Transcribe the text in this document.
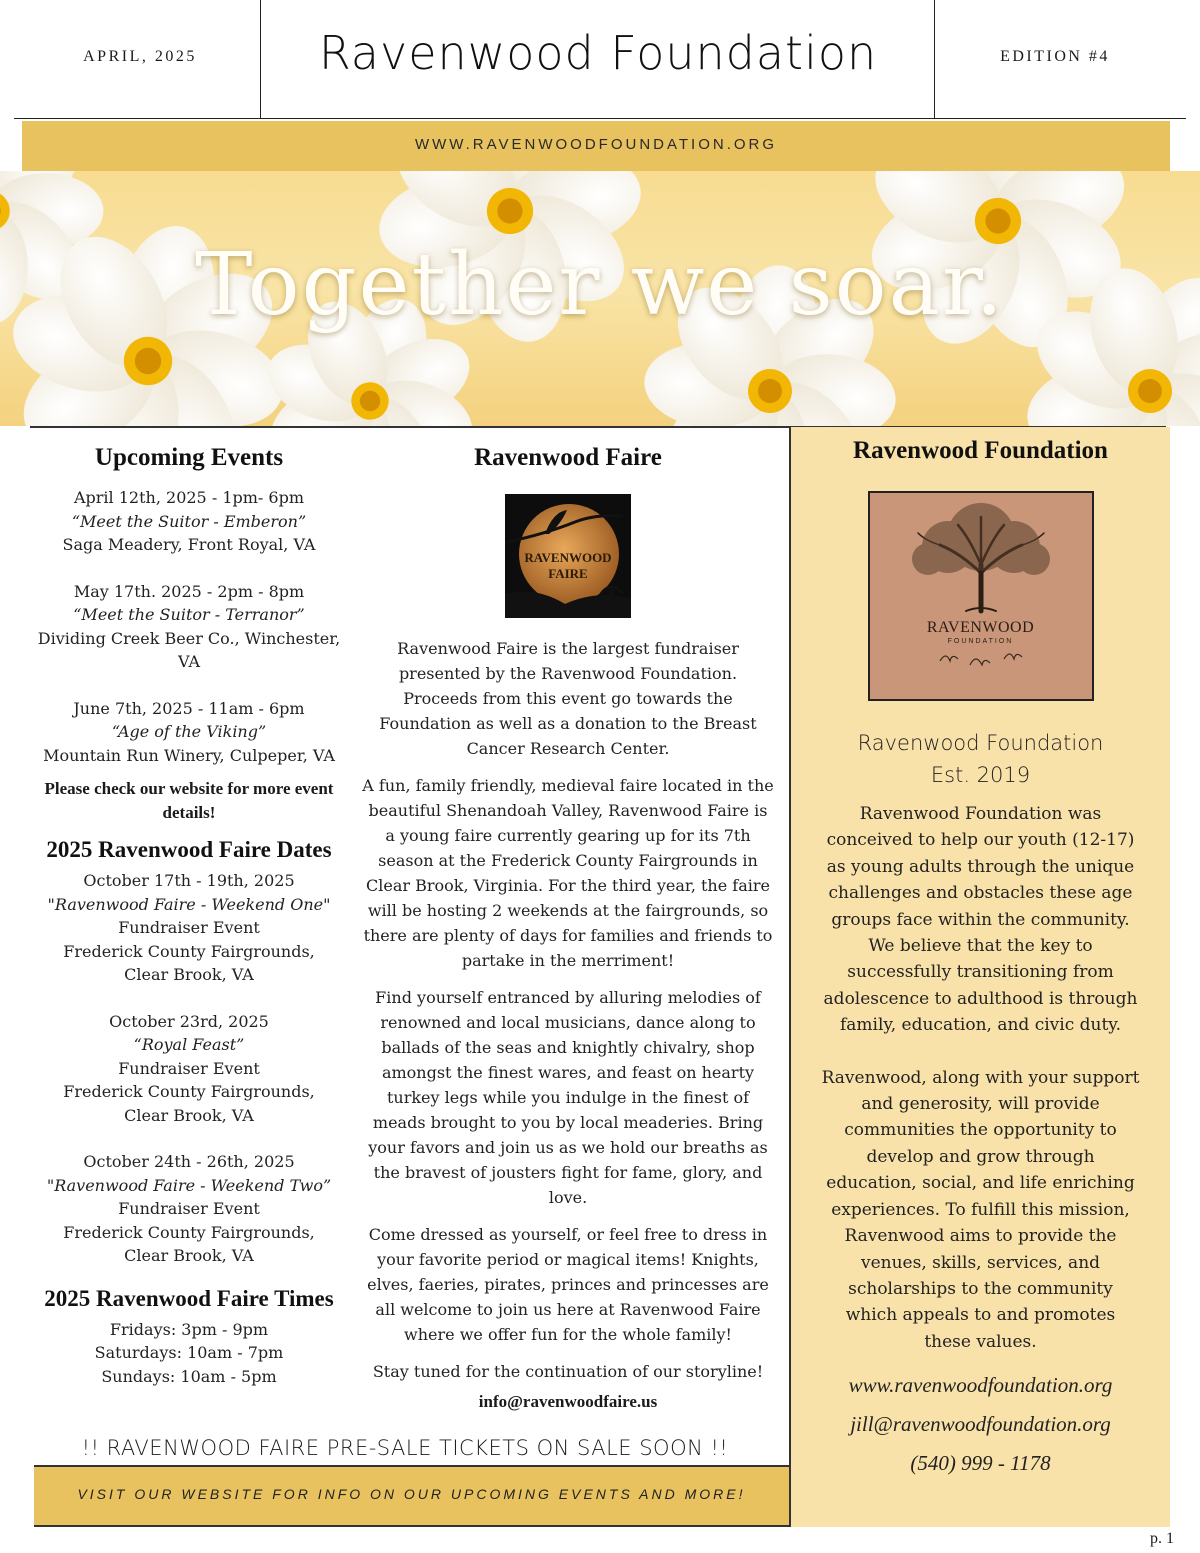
APRIL, 2025	Ravenwood Foundation	EDITION #4
WWW.RAVENWOODFOUNDATION.ORG
Together we soar.
Upcoming Events
April 12th, 2025 - 1pm- 6pm
“Meet the Suitor - Emberon”
Saga Meadery, Front Royal, VA
May 17th. 2025 - 2pm - 8pm
“Meet the Suitor - Terranor”
Dividing Creek Beer Co., Winchester, VA
June 7th, 2025 - 11am - 6pm
“Age of the Viking”
Mountain Run Winery, Culpeper, VA
Please check our website for more event details!
2025 Ravenwood Faire Dates
October 17th - 19th, 2025
"Ravenwood Faire - Weekend One"
Fundraiser Event
Frederick County Fairgrounds,
Clear Brook, VA
October 23rd, 2025
“Royal Feast”
Fundraiser Event
Frederick County Fairgrounds,
Clear Brook, VA
October 24th - 26th, 2025
"Ravenwood Faire - Weekend Two”
Fundraiser Event
Frederick County Fairgrounds,
Clear Brook, VA
2025 Ravenwood Faire Times
Fridays: 3pm - 9pm
Saturdays: 10am - 7pm
Sundays: 10am - 5pm
Ravenwood Faire
RAVENWOOD
FAIRE
Ravenwood Faire is the largest fundraiser presented by the Ravenwood Foundation. Proceeds from this event go towards the Foundation as well as a donation to the Breast Cancer Research Center.
A fun, family friendly, medieval faire located in the beautiful Shenandoah Valley, Ravenwood Faire is a young faire currently gearing up for its 7th season at the Frederick County Fairgrounds in Clear Brook, Virginia. For the third year, the faire will be hosting 2 weekends at the fairgrounds, so there are plenty of days for families and friends to partake in the merriment!
Find yourself entranced by alluring melodies of renowned and local musicians, dance along to ballads of the seas and knightly chivalry, shop amongst the finest wares, and feast on hearty turkey legs while you indulge in the finest of meads brought to you by local meaderies. Bring your favors and join us as we hold our breaths as the bravest of jousters fight for fame, glory, and love.
Come dressed as yourself, or feel free to dress in your favorite period or magical items! Knights, elves, faeries, pirates, princes and princesses are all welcome to join us here at Ravenwood Faire where we offer fun for the whole family!
Stay tuned for the continuation of our storyline!
info@ravenwoodfaire.us
Ravenwood Foundation
RAVENWOOD
FOUNDATION
Ravenwood Foundation
Est. 2019
Ravenwood Foundation was conceived to help our youth (12-17) as young adults through the unique challenges and obstacles these age groups face within the community. We believe that the key to successfully transitioning from adolescence to adulthood is through family, education, and civic duty.
Ravenwood, along with your support and generosity, will provide communities the opportunity to develop and grow through education, social, and life enriching experiences. To fulfill this mission, Ravenwood aims to provide the venues, skills, services, and scholarships to the community which appeals to and promotes these values.
www.ravenwoodfoundation.org
jill@ravenwoodfoundation.org
(540) 999 - 1178
!! RAVENWOOD FAIRE PRE-SALE TICKETS ON SALE SOON !!
VISIT OUR WEBSITE FOR INFO ON OUR UPCOMING EVENTS AND MORE!
p. 1
